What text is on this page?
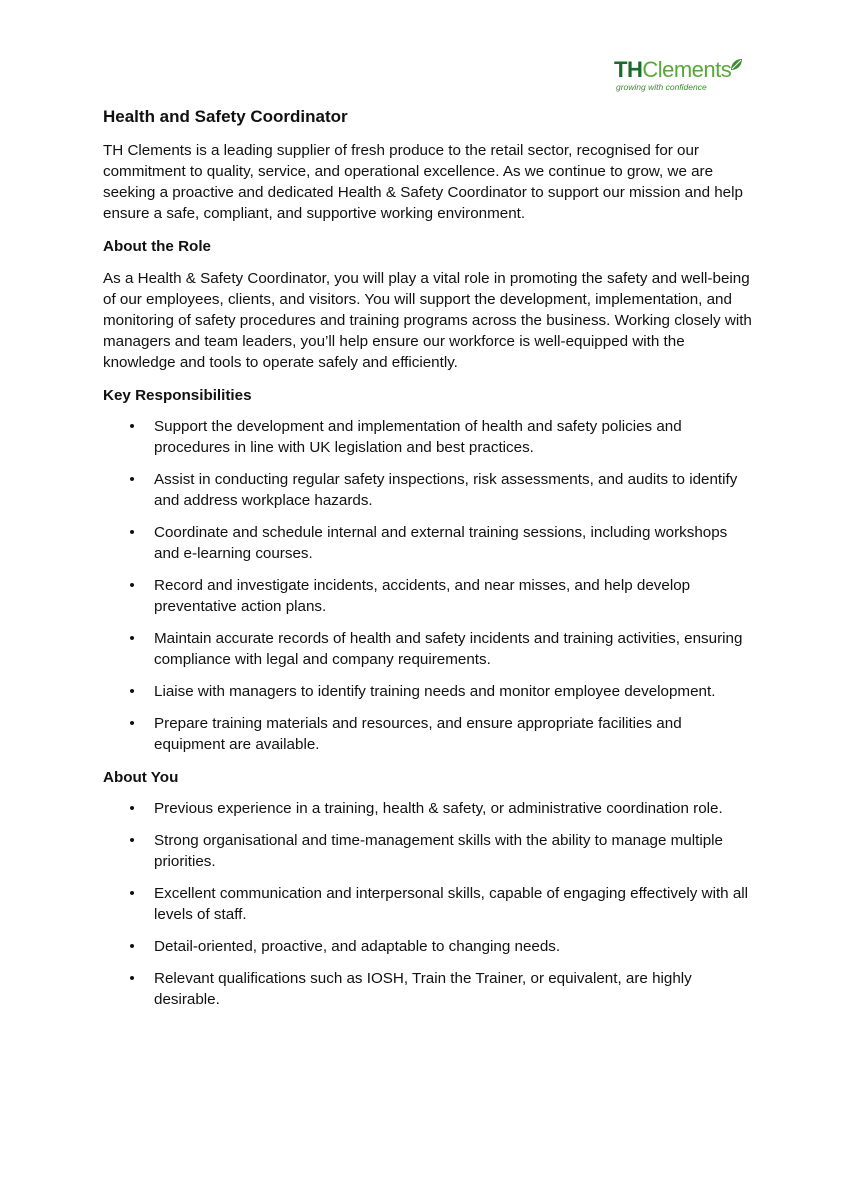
THClements
growing with confidence
Health and Safety Coordinator

TH Clements is a leading supplier of fresh produce to the retail sector, recognised for our commitment to quality, service, and operational excellence. As we continue to grow, we are seeking a proactive and dedicated Health & Safety Coordinator to support our mission and help ensure a safe, compliant, and supportive working environment.

About the Role

As a Health & Safety Coordinator, you will play a vital role in promoting the safety and well-being of our employees, clients, and visitors. You will support the development, implementation, and monitoring of safety procedures and training programs across the business. Working closely with managers and team leaders, you’ll help ensure our workforce is well-equipped with the knowledge and tools to operate safely and efficiently.

Key Responsibilities
• Support the development and implementation of health and safety policies and procedures in line with UK legislation and best practices.
• Assist in conducting regular safety inspections, risk assessments, and audits to identify and address workplace hazards.
• Coordinate and schedule internal and external training sessions, including workshops and e-learning courses.
• Record and investigate incidents, accidents, and near misses, and help develop preventative action plans.
• Maintain accurate records of health and safety incidents and training activities, ensuring compliance with legal and company requirements.
• Liaise with managers to identify training needs and monitor employee development.
• Prepare training materials and resources, and ensure appropriate facilities and equipment are available.
About You
• Previous experience in a training, health & safety, or administrative coordination role.
• Strong organisational and time-management skills with the ability to manage multiple priorities.
• Excellent communication and interpersonal skills, capable of engaging effectively with all levels of staff.
• Detail-oriented, proactive, and adaptable to changing needs.
• Relevant qualifications such as IOSH, Train the Trainer, or equivalent, are highly desirable.
